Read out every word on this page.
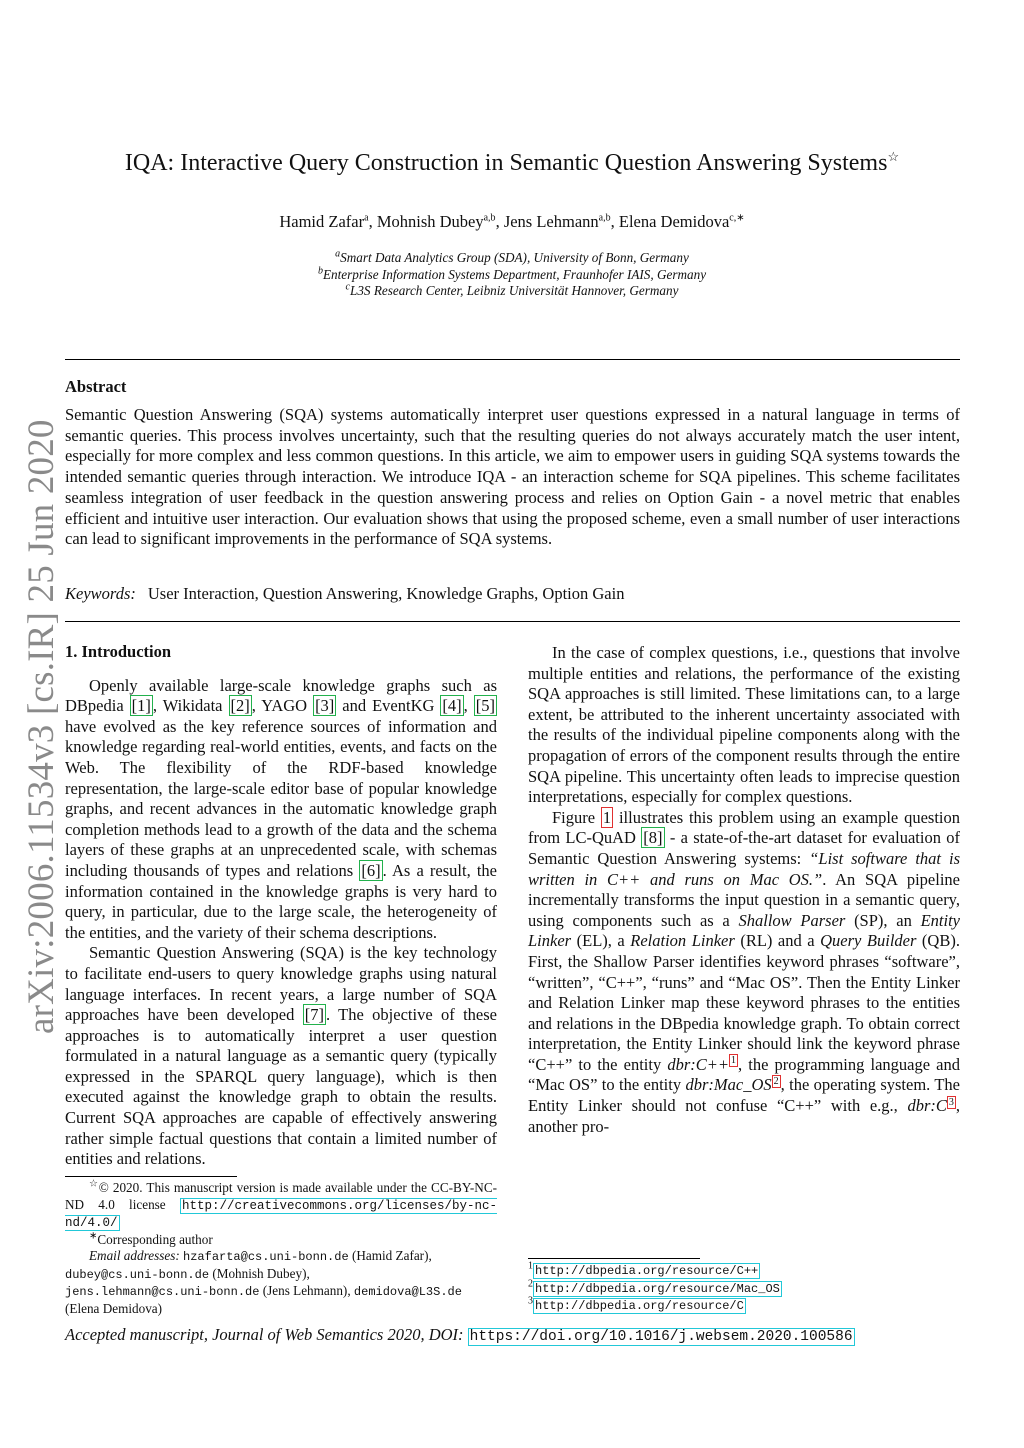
arXiv:2006.11534v3 [cs.IR] 25 Jun 2020
IQA: Interactive Query Construction in Semantic Question Answering Systems☆
Hamid Zafar$^a$, Mohnish Dubey$^{a,b}$, Jens Lehmann$^{a,b}$, Elena Demidova$^{c,∗}$
$^a$Smart Data Analytics Group (SDA), University of Bonn, Germany
$^b$Enterprise Information Systems Department, Fraunhofer IAIS, Germany
$^c$L3S Research Center, Leibniz Universität Hannover, Germany
Abstract
Semantic Question Answering (SQA) systems automatically interpret user questions expressed in a natural language in terms of semantic queries. This process involves uncertainty, such that the resulting queries do not always accurately match the user intent, especially for more complex and less common questions. In this article, we aim to empower users in guiding SQA systems towards the intended semantic queries through interaction. We introduce IQA - an interaction scheme for SQA pipelines. This scheme facilitates seamless integration of user feedback in the question answering process and relies on Option Gain - a novel metric that enables efficient and intuitive user interaction. Our evaluation shows that using the proposed scheme, even a small number of user interactions can lead to significant improvements in the performance of SQA systems.
Keywords: User Interaction, Question Answering, Knowledge Graphs, Option Gain
1. Introduction

Openly available large-scale knowledge graphs such as DBpedia [1] , Wikidata [2] , YAGO [3] and EventKG [4] , [5] have evolved as the key reference sources of information and knowledge regarding real-world entities, events, and facts on the Web. The flexibility of the RDF-based knowledge representation, the large-scale editor base of popular knowledge graphs, and recent advances in the automatic knowledge graph completion methods lead to a growth of the data and the schema layers of these graphs at an unprecedented scale, with schemas including thousands of types and relations [6] . As a result, the information contained in the knowledge graphs is very hard to query, in particular, due to the large scale, the heterogeneity of the entities, and the variety of their schema descriptions.

Semantic Question Answering (SQA) is the key technology to facilitate end-users to query knowledge graphs using natural language interfaces. In recent years, a large number of SQA approaches have been developed [7] . The objective of these approaches is to automatically interpret a user question formulated in a natural language as a semantic query (typically expressed in the SPARQL query language), which is then executed against the knowledge graph to obtain the results. Current SQA approaches are capable of effectively answering rather simple factual questions that contain a limited number of entities and relations.

In the case of complex questions, i.e., questions that involve multiple entities and relations, the performance of the existing SQA approaches is still limited. These limitations can, to a large extent, be attributed to the inherent uncertainty associated with the results of the individual pipeline components along with the propagation of errors of the component results through the entire SQA pipeline. This uncertainty often leads to imprecise question interpretations, especially for complex questions.

Figure 1 illustrates this problem using an example question from LC-QuAD [8] - a state-of-the-art dataset for evaluation of Semantic Question Answering systems: “List software that is written in C++ and runs on Mac OS.”. An SQA pipeline incrementally transforms the input question in a semantic query, using components such as a Shallow Parser (SP), an Entity Linker (EL), a Relation Linker (RL) and a Query Builder (QB). First, the Shallow Parser identifies keyword phrases “software”, “written”, “C++”, “runs” and “Mac OS”. Then the Entity Linker and Relation Linker map these keyword phrases to the entities and relations in the DBpedia knowledge graph. To obtain correct interpretation, the Entity Linker should link the keyword phrase “C++” to the entity dbr:C++ $^1$ , the programming language and “Mac OS” to the entity dbr:Mac_OS $^2$ , the operating system. The Entity Linker should not confuse “C++” with e.g., dbr:C $^3$ , another pro-

☆© 2020. This manuscript version is made available under the CC-BY-NC-ND 4.0 license http://creativecommons.org/licenses/by-nc-nd/4.0/

∗Corresponding author

Email addresses: hzafarta@cs.uni-bonn.de (Hamid Zafar),
dubey@cs.uni-bonn.de (Mohnish Dubey),
jens.lehmann@cs.uni-bonn.de (Jens Lehmann), demidova@L3S.de
(Elena Demidova)

$^1$ http://dbpedia.org/resource/C++

$^2$ http://dbpedia.org/resource/Mac_OS

$^3$ http://dbpedia.org/resource/C

Accepted manuscript, Journal of Web Semantics 2020, DOI: https://doi.org/10.1016/j.websem.2020.100586
